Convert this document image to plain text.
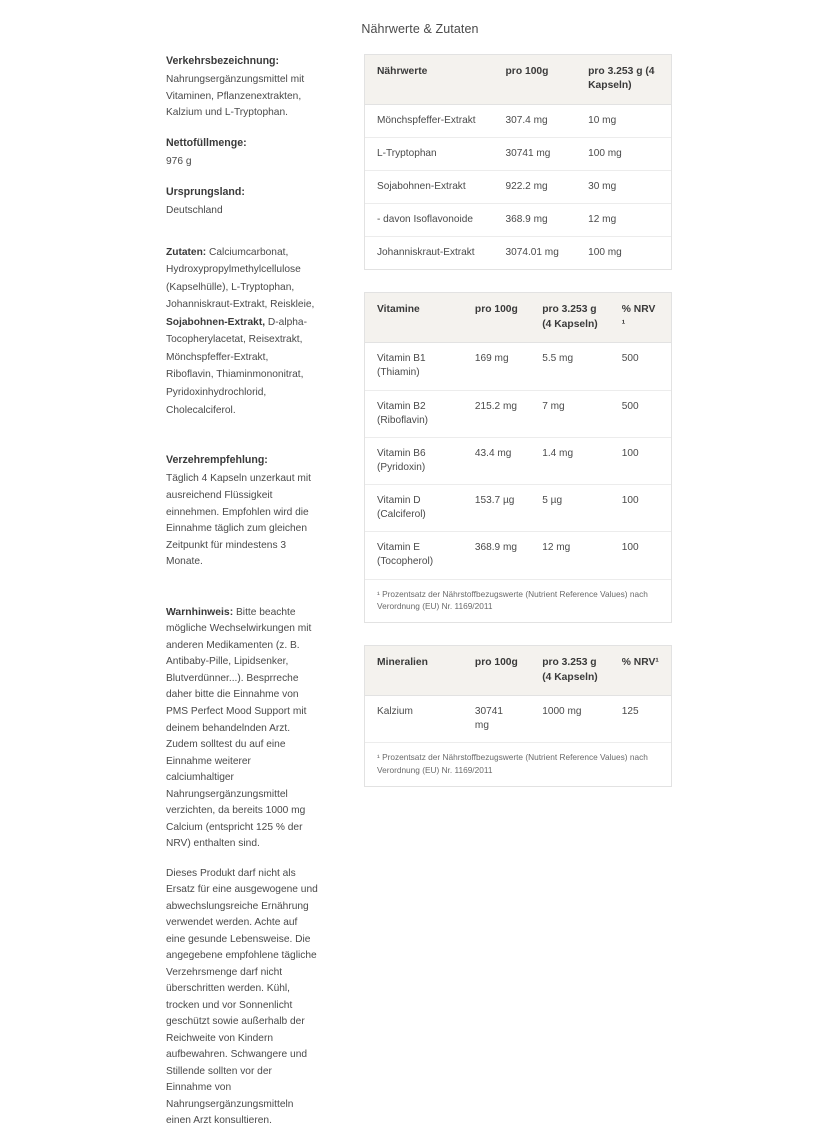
Nährwerte & Zutaten
Verkehrsbezeichnung:
Nahrungsergänzungsmittel mit Vitaminen, Pflanzenextrakten, Kalzium und L-Tryptophan.
Nettofüllmenge:
976 g
Ursprungsland:
Deutschland
Zutaten: Calciumcarbonat, Hydroxypropylmethylcellulose (Kapselhülle), L-Tryptophan, Johanniskraut-Extrakt, Reiskleie, Sojabohnen-Extrakt, D-alpha-Tocopherylacetat, Reisextrakt, Mönchspfeffer-Extrakt, Riboflavin, Thiaminmononitrat, Pyridoxinhydrochlorid, Cholecalciferol.
Verzehrempfehlung:
Täglich 4 Kapseln unzerkaut mit ausreichend Flüssigkeit einnehmen. Empfohlen wird die Einnahme täglich zum gleichen Zeitpunkt für mindestens 3 Monate.

Warnhinweis: Bitte beachte mögliche Wechselwirkungen mit anderen Medikamenten (z. B. Antibaby-Pille, Lipidsenker, Blutverdünner...). Besprreche daher bitte die Einnahme von PMS Perfect Mood Support mit deinem behandelnden Arzt. Zudem solltest du auf eine Einnahme weiterer calciumhaltiger Nahrungsergänzungsmittel verzichten, da bereits 1000 mg Calcium (entspricht 125 % der NRV) enthalten sind.

Dieses Produkt darf nicht als Ersatz für eine ausgewogene und abwechslungsreiche Ernährung verwendet werden. Achte auf eine gesunde Lebensweise. Die angegebene empfohlene tägliche Verzehrsmenge darf nicht überschritten werden. Kühl, trocken und vor Sonnenlicht geschützt sowie außerhalb der Reichweite von Kindern aufbewahren. Schwangere und Stillende sollten vor der Einnahme von Nahrungsergänzungsmitteln einen Arzt konsultieren.

Nährwerte	pro 100g	pro 3.253 g (4 Kapseln)
Mönchspfeffer-Extrakt	307.4 mg	10 mg
L-Tryptophan	30741 mg	100 mg
Sojabohnen-Extrakt	922.2 mg	30 mg
- davon Isoflavonoide	368.9 mg	12 mg
Johanniskraut-Extrakt	3074.01 mg	100 mg
Vitamine	pro 100g	pro 3.253 g (4 Kapseln)	% NRV ¹
Vitamin B1 (Thiamin)	169 mg	5.5 mg	500
Vitamin B2 (Riboflavin)	215.2 mg	7 mg	500
Vitamin B6 (Pyridoxin)	43.4 mg	1.4 mg	100
Vitamin D (Calciferol)	153.7 µg	5 µg	100
Vitamin E (Tocopherol)	368.9 mg	12 mg	100
¹ Prozentsatz der Nährstoffbezugswerte (Nutrient Reference Values) nach Verordnung (EU) Nr. 1169/2011
Mineralien	pro 100g	pro 3.253 g (4 Kapseln)	% NRV¹
Kalzium	30741 mg	1000 mg	125
¹ Prozentsatz der Nährstoffbezugswerte (Nutrient Reference Values) nach Verordnung (EU) Nr. 1169/2011
